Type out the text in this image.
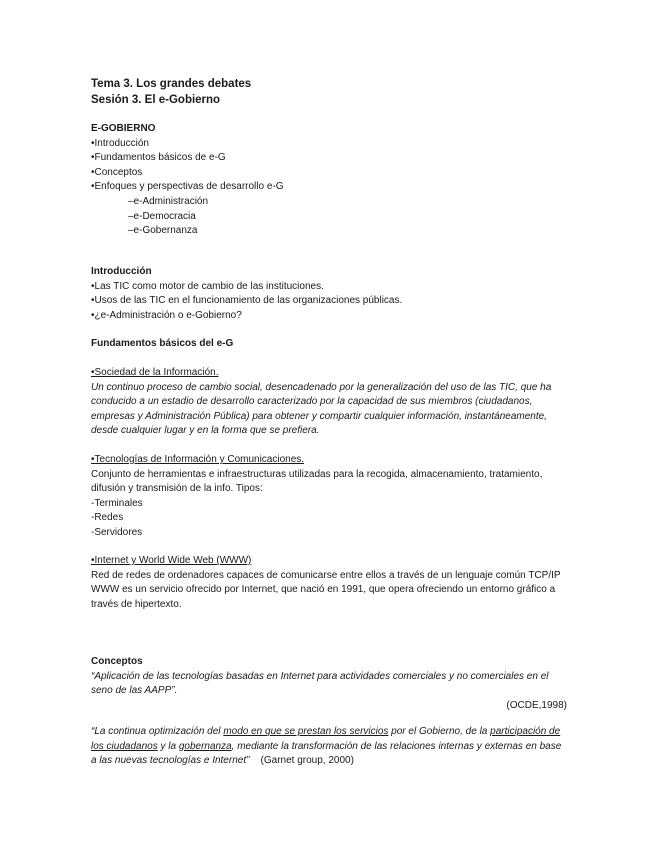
Tema 3. Los grandes debates

Sesión 3. El e-Gobierno

E-GOBIERNO

•Introducción

•Fundamentos básicos de e-G

•Conceptos

•Enfoques y perspectivas de desarrollo e-G

–e-Administración

–e-Democracia

–e-Gobernanza

Introducción

•Las TIC como motor de cambio de las instituciones.

•Usos de las TIC en el funcionamiento de las organizaciones públicas.

•¿e-Administración o e-Gobierno?

Fundamentos básicos del e-G

•Sociedad de la Información.

Un continuo proceso de cambio social, desencadenado por la generalización del uso de las TIC, que ha conducido a un estadio de desarrollo caracterizado por la capacidad de sus miembros (ciudadanos, empresas y Administración Pública) para obtener y compartir cualquier información, instantáneamente, desde cualquier lugar y en la forma que se prefiera.

•Tecnologías de Información y Comunicaciones.

Conjunto de herramientas e infraestructuras utilizadas para la recogida, almacenamiento, tratamiento, difusión y transmisión de la info. Tipos:

-Terminales

-Redes

-Servidores

•Internet y World Wide Web (WWW)

Red de redes de ordenadores capaces de comunicarse entre ellos a través de un lenguaje común TCP/IP

WWW es un servicio ofrecido por Internet, que nació en 1991, que opera ofreciendo un entorno gráfico a través de hipertexto.

Conceptos

“Aplicación de las tecnologías basadas en Internet para actividades comerciales y no comerciales en el seno de las AAPP”.

(OCDE,1998)

“La continua optimización del modo en que se prestan los servicios por el Gobierno, de la participación de los ciudadanos y la gobernanza, mediante la transformación de las relaciones internas y externas en base a las nuevas tecnologías e Internet”    (Garnet group, 2000)
